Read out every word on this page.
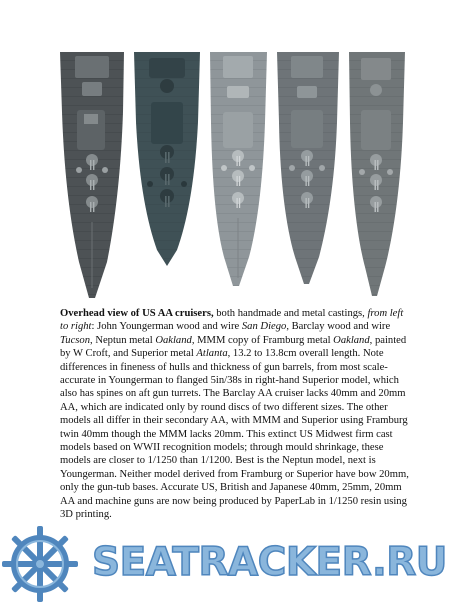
Overhead view of US AA cruisers, both handmade and metal castings, from left to right: John Youngerman wood and wire San Diego, Barclay wood and wire Tucson, Neptun metal Oakland, MMM copy of Framburg metal Oakland, painted by W Croft, and Superior metal Atlanta, 13.2 to 13.8cm overall length. Note differences in fineness of hulls and thickness of gun barrels, from most scale-accurate in Youngerman to flanged 5in/38s in right-hand Superior model, which also has spines on aft gun turrets. The Barclay AA cruiser lacks 40mm and 20mm AA, which are indicated only by round discs of two different sizes. The other models all differ in their secondary AA, with MMM and Superior using Framburg twin 40mm though the MMM lacks 20mm. This extinct US Midwest firm cast models based on WWII recognition models; through mould shrinkage, these models are closer to 1/1250 than 1/1200. Best is the Neptun model, next is Youngerman. Neither model derived from Framburg or Superior have bow 20mm, only the gun-tub bases. Accurate US, British and Japanese 40mm, 25mm, 20mm AA and machine guns are now being produced by PaperLab in 1/1250 resin using 3D printing.

SEATRACKER.RU
